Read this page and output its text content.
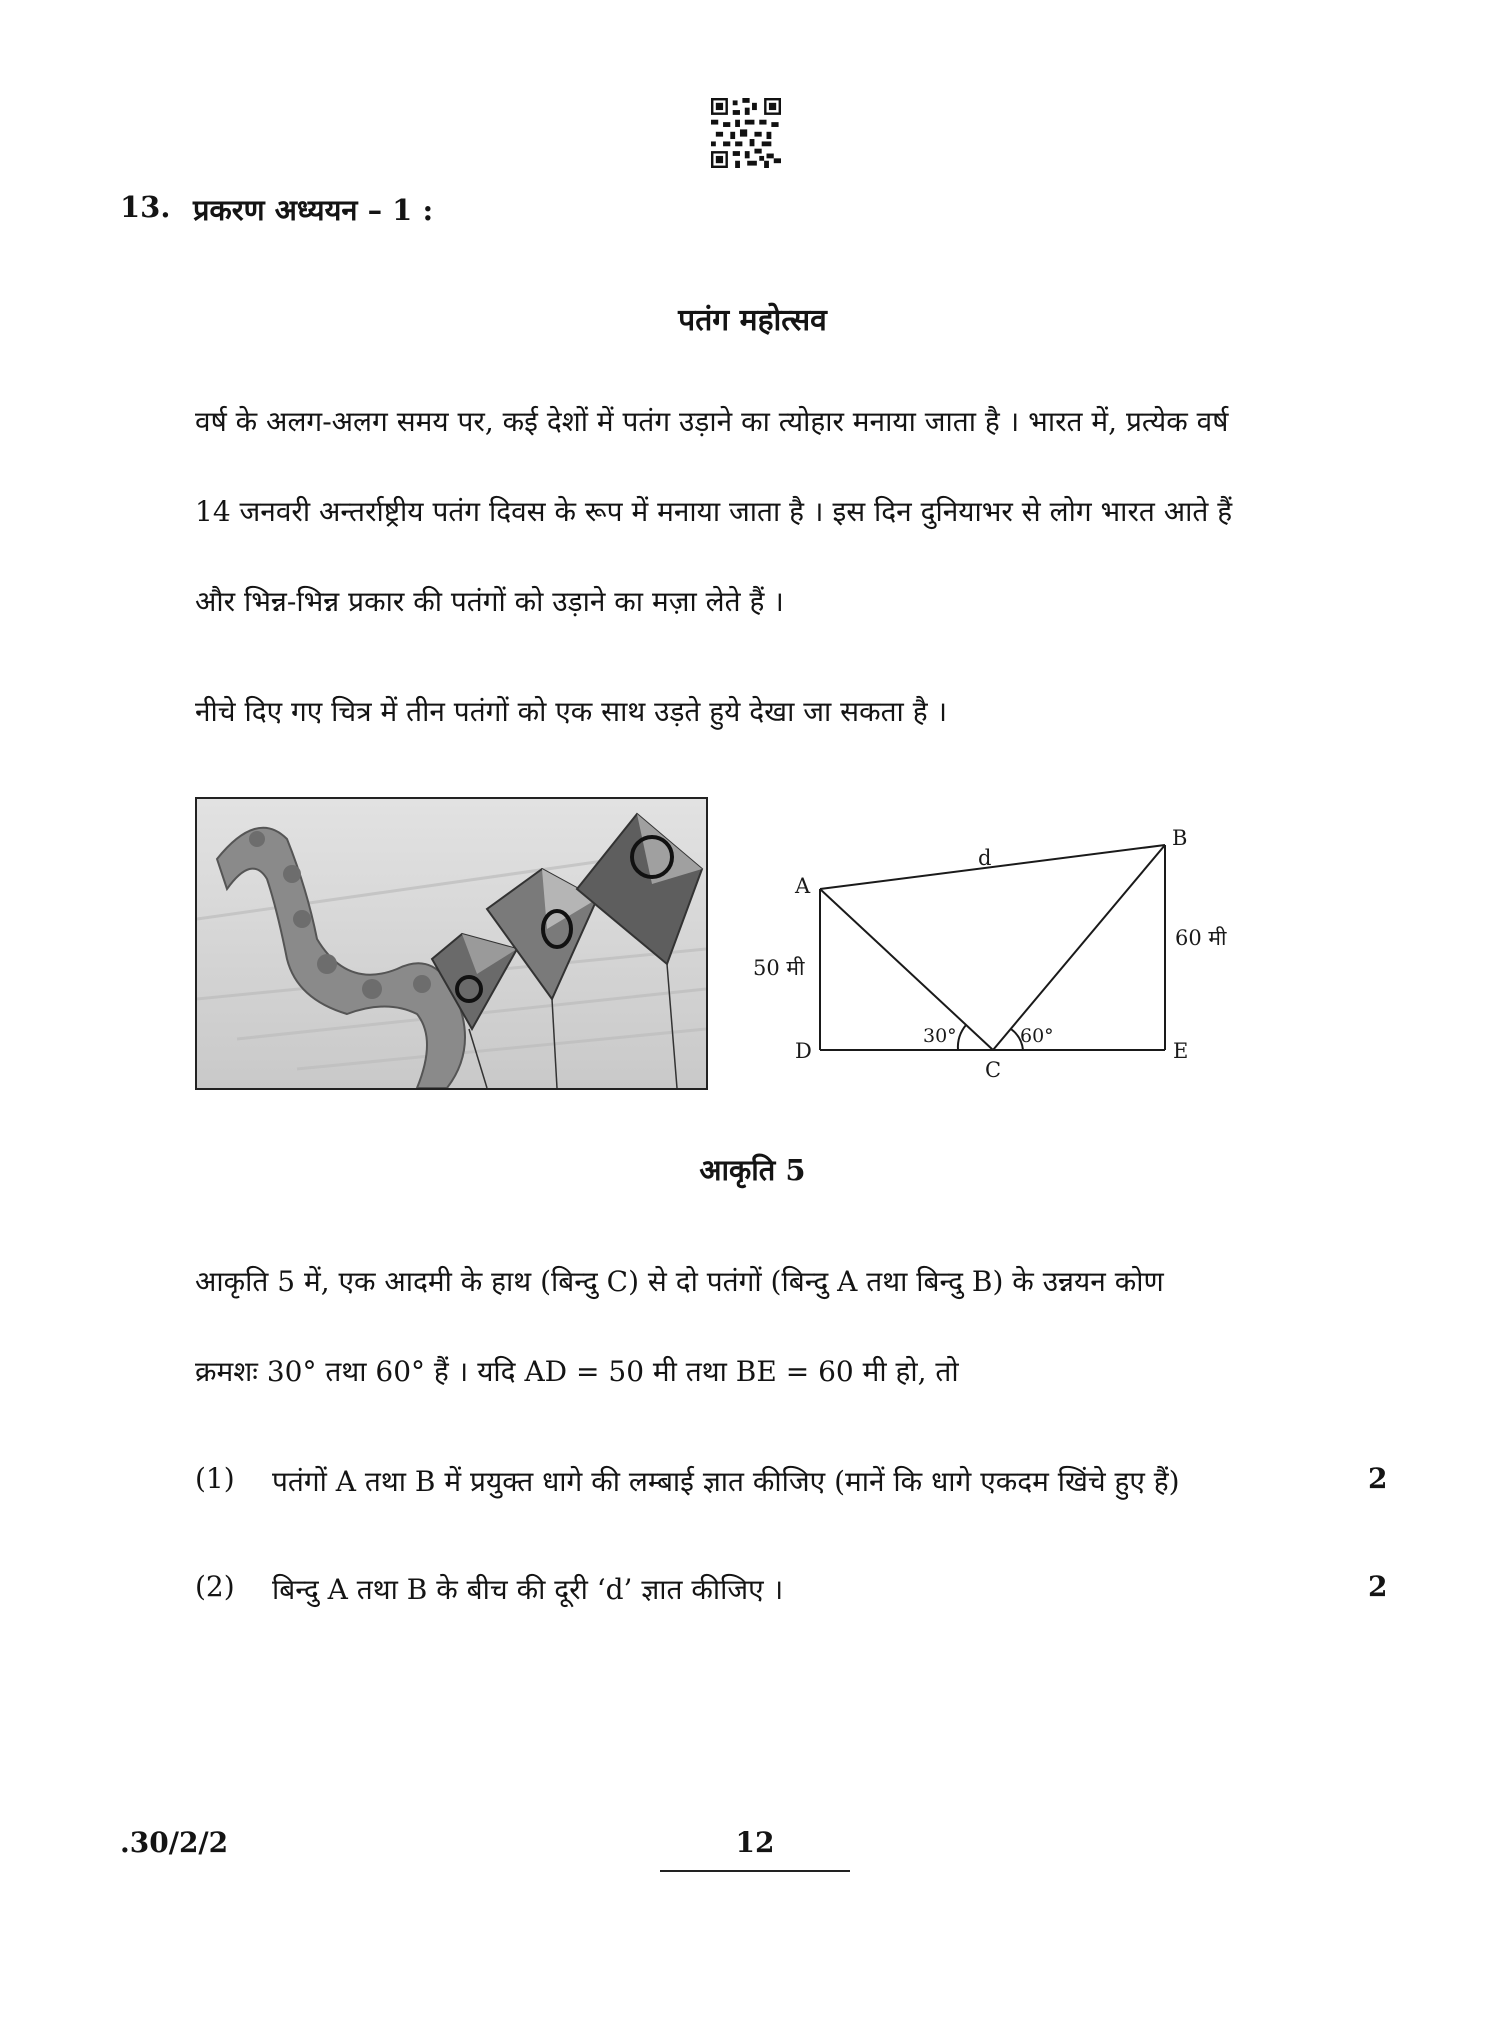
13. प्रकरण अध्ययन – 1 :
पतंग महोत्सव
वर्ष के अलग-अलग समय पर, कई देशों में पतंग उड़ाने का त्योहार मनाया जाता है । भारत में, प्रत्येक वर्ष
14 जनवरी अन्तर्राष्ट्रीय पतंग दिवस के रूप में मनाया जाता है । इस दिन दुनियाभर से लोग भारत आते हैं
और भिन्न-भिन्न प्रकार की पतंगों को उड़ाने का मज़ा लेते हैं ।
नीचे दिए गए चित्र में तीन पतंगों को एक साथ उड़ते हुये देखा जा सकता है ।
A
B
C
D	E
d
50 मी
60 मी
30°	60°
आकृति 5
आकृति 5 में, एक आदमी के हाथ (बिन्दु C) से दो पतंगों (बिन्दु A तथा बिन्दु B) के उन्नयन कोण
क्रमशः 30° तथा 60° हैं । यदि AD = 50 मी तथा BE = 60 मी हो, तो
(1) पतंगों A तथा B में प्रयुक्त धागे की लम्बाई ज्ञात कीजिए (मानें कि धागे एकदम खिंचे हुए हैं)	2
(2) बिन्दु A तथा B के बीच की दूरी ‘d’ ज्ञात कीजिए ।	2
.30/2/2	12
